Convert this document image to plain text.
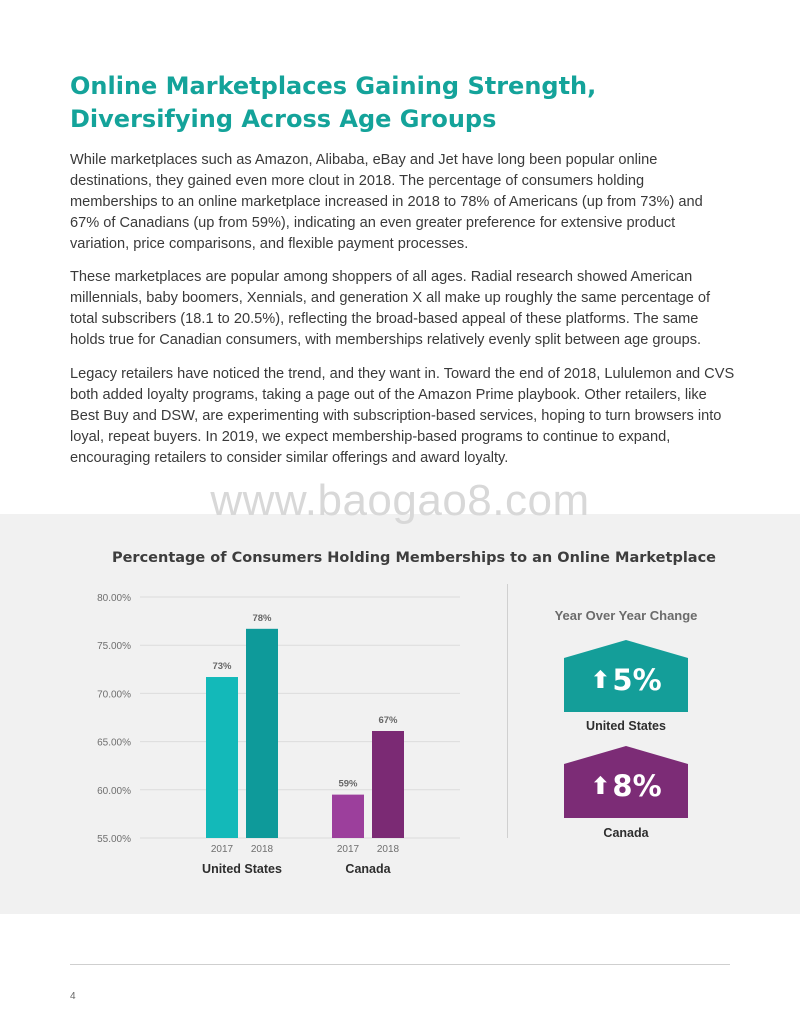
Online Marketplaces Gaining Strength,
Diversifying Across Age Groups

While marketplaces such as Amazon, Alibaba, eBay and Jet have long been popular online destinations, they gained even more clout in 2018. The percentage of consumers holding memberships to an online marketplace increased in 2018 to 78% of Americans (up from 73%) and 67% of Canadians (up from 59%), indicating an even greater preference for extensive product variation, price comparisons, and flexible payment processes.

These marketplaces are popular among shoppers of all ages. Radial research showed American millennials, baby boomers, Xennials, and generation X all make up roughly the same percentage of total subscribers (18.1 to 20.5%), reflecting the broad-based appeal of these platforms. The same holds true for Canadian consumers, with memberships relatively evenly split between age groups.

Legacy retailers have noticed the trend, and they want in. Toward the end of 2018, Lululemon and CVS both added loyalty programs, taking a page out of the Amazon Prime playbook. Other retailers, like Best Buy and DSW, are experimenting with subscription-based services, hoping to turn browsers into loyal, repeat buyers. In 2019, we expect membership-based programs to continue to expand, encouraging retailers to consider similar offerings and award loyalty.

Percentage of Consumers Holding Memberships to an Online Marketplace
80.00%
75.00%
70.00%
65.00%
60.00%
55.00%
73%
2017
78%
2018
United States
59%
2017
67%
2018
Canada
Year Over Year Change
⬆5%
United States
⬆8%
Canada
www.baogao8.com
4
